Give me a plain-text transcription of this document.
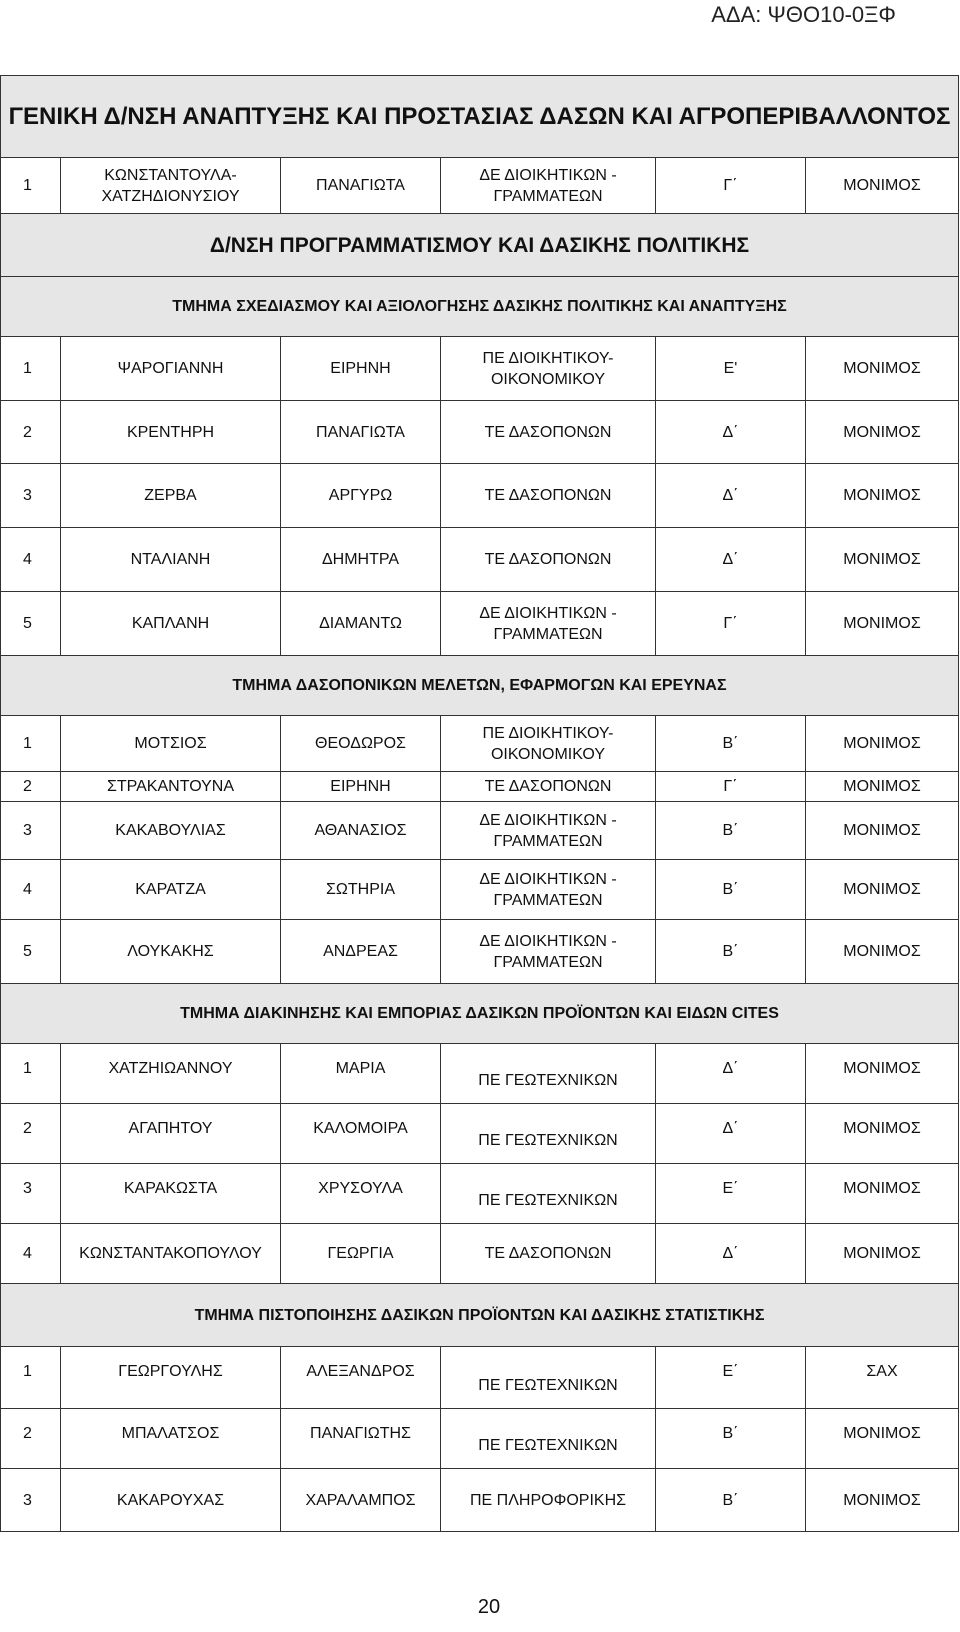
ΑΔΑ: ΨΘΟ10-0ΞΦ
ΓΕΝΙΚΗ Δ/ΝΣΗ ΑΝΑΠΤΥΞΗΣ ΚΑΙ ΠΡΟΣΤΑΣΙΑΣ ΔΑΣΩΝ ΚΑΙ ΑΓΡΟΠΕΡΙΒΑΛΛΟΝΤΟΣ					
1	ΚΩΝΣΤΑΝΤΟΥΛΑ-ΧΑΤΖΗΔΙΟΝΥΣΙΟΥ	ΠΑΝΑΓΙΩΤΑ	ΔΕ ΔΙΟΙΚΗΤΙΚΩΝ - ΓΡΑΜΜΑΤΕΩΝ	Γ΄	ΜΟΝΙΜΟΣ
Δ/ΝΣΗ ΠΡΟΓΡΑΜΜΑΤΙΣΜΟΥ ΚΑΙ ΔΑΣΙΚΗΣ ΠΟΛΙΤΙΚΗΣ					
ΤΜΗΜΑ ΣΧΕΔΙΑΣΜΟΥ ΚΑΙ ΑΞΙΟΛΟΓΗΣΗΣ ΔΑΣΙΚΗΣ ΠΟΛΙΤΙΚΗΣ ΚΑΙ ΑΝΑΠΤΥΞΗΣ					
1	ΨΑΡΟΓΙΑΝΝΗ	ΕΙΡΗΝΗ	ΠΕ ΔΙΟΙΚΗΤΙΚΟΥ-ΟΙΚΟΝΟΜΙΚΟΥ	Ε'	ΜΟΝΙΜΟΣ
2	ΚΡΕΝΤΗΡΗ	ΠΑΝΑΓΙΩΤΑ	ΤΕ ΔΑΣΟΠΟΝΩΝ	Δ΄	ΜΟΝΙΜΟΣ
3	ΖΕΡΒΑ	ΑΡΓΥΡΩ	ΤΕ ΔΑΣΟΠΟΝΩΝ	Δ΄	ΜΟΝΙΜΟΣ
4	ΝΤΑΛΙΑΝΗ	ΔΗΜΗΤΡΑ	ΤΕ ΔΑΣΟΠΟΝΩΝ	Δ΄	ΜΟΝΙΜΟΣ
5	ΚΑΠΛΑΝΗ	ΔΙΑΜΑΝΤΩ	ΔΕ ΔΙΟΙΚΗΤΙΚΩΝ - ΓΡΑΜΜΑΤΕΩΝ	Γ΄	ΜΟΝΙΜΟΣ
ΤΜΗΜΑ ΔΑΣΟΠΟΝΙΚΩΝ ΜΕΛΕΤΩΝ, ΕΦΑΡΜΟΓΩΝ ΚΑΙ ΕΡΕΥΝΑΣ					
1	ΜΟΤΣΙΟΣ	ΘΕΟΔΩΡΟΣ	ΠΕ ΔΙΟΙΚΗΤΙΚΟΥ-ΟΙΚΟΝΟΜΙΚΟΥ	Β΄	ΜΟΝΙΜΟΣ
2	ΣΤΡΑΚΑΝΤΟΥΝΑ	ΕΙΡΗΝΗ	ΤΕ ΔΑΣΟΠΟΝΩΝ	Γ΄	ΜΟΝΙΜΟΣ
3	ΚΑΚΑΒΟΥΛΙΑΣ	ΑΘΑΝΑΣΙΟΣ	ΔΕ ΔΙΟΙΚΗΤΙΚΩΝ - ΓΡΑΜΜΑΤΕΩΝ	Β΄	ΜΟΝΙΜΟΣ
4	ΚΑΡΑΤΖΑ	ΣΩΤΗΡΙΑ	ΔΕ ΔΙΟΙΚΗΤΙΚΩΝ - ΓΡΑΜΜΑΤΕΩΝ	Β΄	ΜΟΝΙΜΟΣ
5	ΛΟΥΚΑΚΗΣ	ΑΝΔΡΕΑΣ	ΔΕ ΔΙΟΙΚΗΤΙΚΩΝ - ΓΡΑΜΜΑΤΕΩΝ	Β΄	ΜΟΝΙΜΟΣ
ΤΜΗΜΑ ΔΙΑΚΙΝΗΣΗΣ ΚΑΙ ΕΜΠΟΡΙΑΣ ΔΑΣΙΚΩΝ ΠΡΟΪΟΝΤΩΝ ΚΑΙ ΕΙΔΩΝ CITES					
1	ΧΑΤΖΗΙΩΑΝΝΟΥ	ΜΑΡΙΑ	ΠΕ ΓΕΩΤΕΧΝΙΚΩΝ	Δ΄	ΜΟΝΙΜΟΣ
2	ΑΓΑΠΗΤΟΥ	ΚΑΛΟΜΟΙΡΑ	ΠΕ ΓΕΩΤΕΧΝΙΚΩΝ	Δ΄	ΜΟΝΙΜΟΣ
3	ΚΑΡΑΚΩΣΤΑ	ΧΡΥΣΟΥΛΑ	ΠΕ ΓΕΩΤΕΧΝΙΚΩΝ	Ε΄	ΜΟΝΙΜΟΣ
4	ΚΩΝΣΤΑΝΤΑΚΟΠΟΥΛΟΥ	ΓΕΩΡΓΙΑ	ΤΕ ΔΑΣΟΠΟΝΩΝ	Δ΄	ΜΟΝΙΜΟΣ
ΤΜΗΜΑ ΠΙΣΤΟΠΟΙΗΣΗΣ ΔΑΣΙΚΩΝ ΠΡΟΪΟΝΤΩΝ ΚΑΙ ΔΑΣΙΚΗΣ ΣΤΑΤΙΣΤΙΚΗΣ					
1	ΓΕΩΡΓΟΥΛΗΣ	ΑΛΕΞΑΝΔΡΟΣ	ΠΕ ΓΕΩΤΕΧΝΙΚΩΝ	Ε΄	ΣΑΧ
2	ΜΠΑΛΑΤΣΟΣ	ΠΑΝΑΓΙΩΤΗΣ	ΠΕ ΓΕΩΤΕΧΝΙΚΩΝ	Β΄	ΜΟΝΙΜΟΣ
3	ΚΑΚΑΡΟΥΧΑΣ	ΧΑΡΑΛΑΜΠΟΣ	ΠΕ ΠΛΗΡΟΦΟΡΙΚΗΣ	Β΄	ΜΟΝΙΜΟΣ
20
